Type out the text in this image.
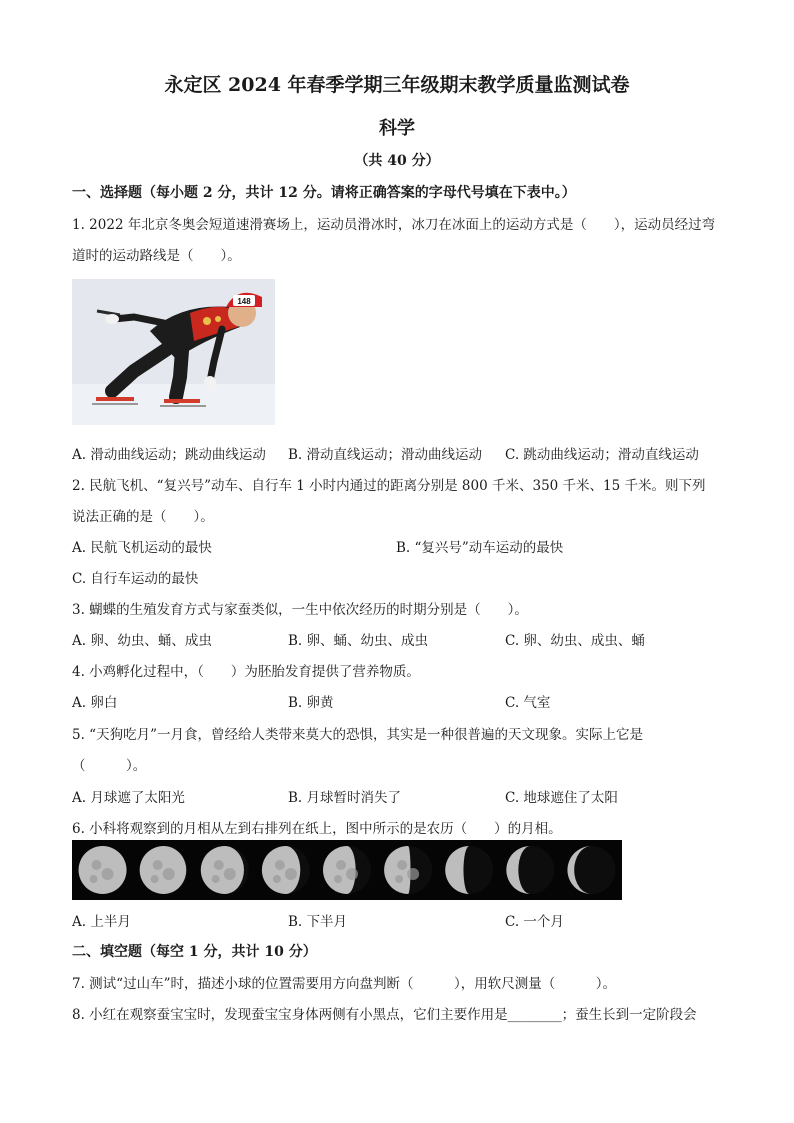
永定区 2024 年春季学期三年级期末教学质量监测试卷
科学
（共 40 分）
一、选择题（每小题 2 分，共计 12 分。请将正确答案的字母代号填在下表中。）
1. 2022 年北京冬奥会短道速滑赛场上，运动员滑冰时，冰刀在冰面上的运动方式是（　　），运动员经过弯
道时的运动路线是（　　）。
148
A. 滑动曲线运动；跳动曲线运动 B. 滑动直线运动；滑动曲线运动 C. 跳动曲线运动；滑动直线运动
2. 民航飞机、“复兴号”动车、自行车 1 小时内通过的距离分别是 800 千米、350 千米、15 千米。则下列
说法正确的是（　　）。
A. 民航飞机运动的最快	B. “复兴号”动车运动的最快
C. 自行车运动的最快
3. 蝴蝶的生殖发育方式与家蚕类似，一生中依次经历的时期分别是（　　）。
A. 卵、幼虫、蛹、成虫	B. 卵、蛹、幼虫、成虫	C. 卵、幼虫、成虫、蛹
4. 小鸡孵化过程中，（　　）为胚胎发育提供了营养物质。
A. 卵白	B. 卵黄	C. 气室
5. “天狗吃月”一月食，曾经给人类带来莫大的恐惧，其实是一种很普遍的天文现象。实际上它是
（　　　）。
A. 月球遮了太阳光	B. 月球暂时消失了	C. 地球遮住了太阳
6. 小科将观察到的月相从左到右排列在纸上，图中所示的是农历（　　）的月相。
A. 上半月	B. 下半月	C. 一个月
二、填空题（每空 1 分，共计 10 分）
7. 测试“过山车”时，描述小球的位置需要用方向盘判断（　　　），用软尺测量（　　　）。
8. 小红在观察蚕宝宝时，发现蚕宝宝身体两侧有小黑点，它们主要作用是________；蚕生长到一定阶段会
